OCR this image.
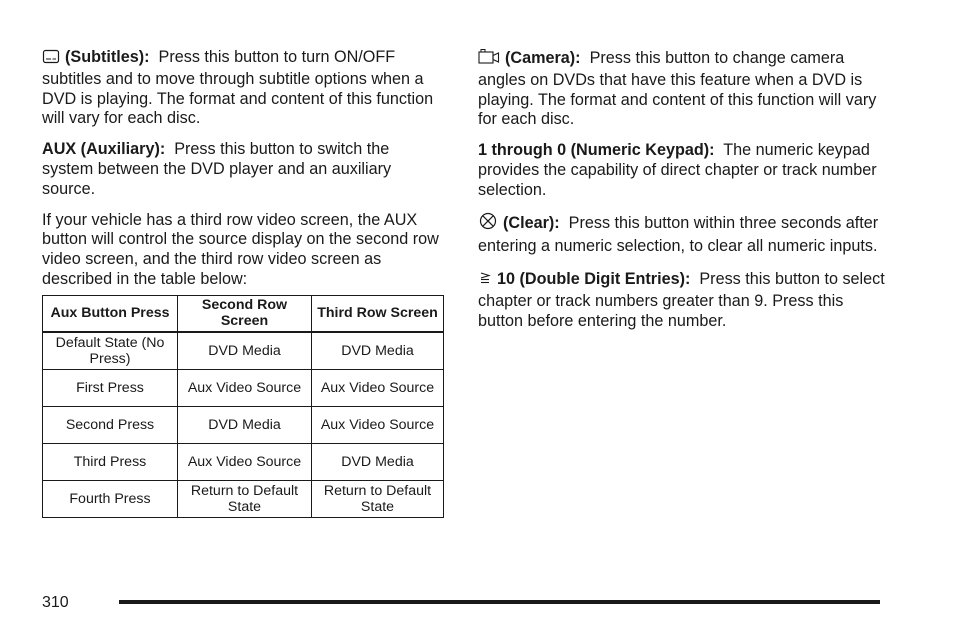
(Subtitles): Press this button to turn ON/OFF subtitles and to move through subtitle options when a DVD is playing. The format and content of this function will vary for each disc.

AUX (Auxiliary): Press this button to switch the system between the DVD player and an auxiliary source.

If your vehicle has a third row video screen, the AUX button will control the source display on the second row video screen, and the third row video screen as described in the table below:

Aux Button Press	Second Row Screen	Third Row Screen
Default State (No Press)	DVD Media	DVD Media
First Press	Aux Video Source	Aux Video Source
Second Press	DVD Media	Aux Video Source
Third Press	Aux Video Source	DVD Media
Fourth Press	Return to Default State	Return to Default State

(Camera): Press this button to change camera angles on DVDs that have this feature when a DVD is playing. The format and content of this function will vary for each disc.

1 through 0 (Numeric Keypad): The numeric keypad provides the capability of direct chapter or track number selection.

(Clear): Press this button within three seconds after entering a numeric selection, to clear all numeric inputs.

10 (Double Digit Entries): Press this button to select chapter or track numbers greater than 9. Press this button before entering the number.

310
